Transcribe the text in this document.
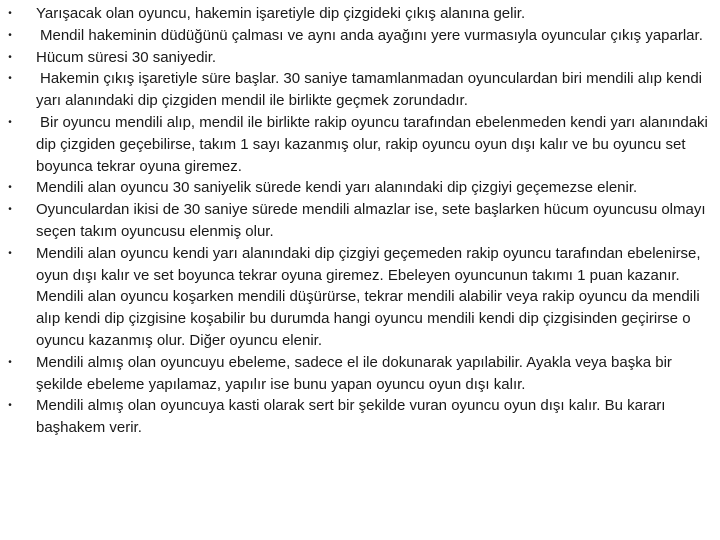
• Yarışacak olan oyuncu, hakemin işaretiyle dip çizgideki çıkış alanına gelir.
• Mendil hakeminin düdüğünü çalması ve aynı anda ayağını yere vurmasıyla oyuncular çıkış yaparlar.
• Hücum süresi 30 saniyedir.
• Hakemin çıkış işaretiyle süre başlar. 30 saniye tamamlanmadan oyunculardan biri mendili alıp kendi yarı alanındaki dip çizgiden mendil ile birlikte geçmek zorundadır.
• Bir oyuncu mendili alıp, mendil ile birlikte rakip oyuncu tarafından ebelenmeden kendi yarı alanındaki dip çizgiden geçebilirse, takım 1 sayı kazanmış olur, rakip oyuncu oyun dışı kalır ve bu oyuncu set boyunca tekrar oyuna giremez.
• Mendili alan oyuncu 30 saniyelik sürede kendi yarı alanındaki dip çizgiyi geçemezse elenir.
• Oyunculardan ikisi de 30 saniye sürede mendili almazlar ise, sete başlarken hücum oyuncusu olmayı seçen takım oyuncusu elenmiş olur.
• Mendili alan oyuncu kendi yarı alanındaki dip çizgiyi geçemeden rakip oyuncu tarafından ebelenirse, oyun dışı kalır ve set boyunca tekrar oyuna giremez. Ebeleyen oyuncunun takımı 1 puan kazanır. Mendili alan oyuncu koşarken mendili düşürürse, tekrar mendili alabilir veya rakip oyuncu da mendili alıp kendi dip çizgisine koşabilir bu durumda hangi oyuncu mendili kendi dip çizgisinden geçirirse o oyuncu kazanmış olur. Diğer oyuncu elenir.
• Mendili almış olan oyuncuyu ebeleme, sadece el ile dokunarak yapılabilir. Ayakla veya başka bir şekilde ebeleme yapılamaz, yapılır ise bunu yapan oyuncu oyun dışı kalır.
• Mendili almış olan oyuncuya kasti olarak sert bir şekilde vuran oyuncu oyun dışı kalır. Bu kararı başhakem verir.
